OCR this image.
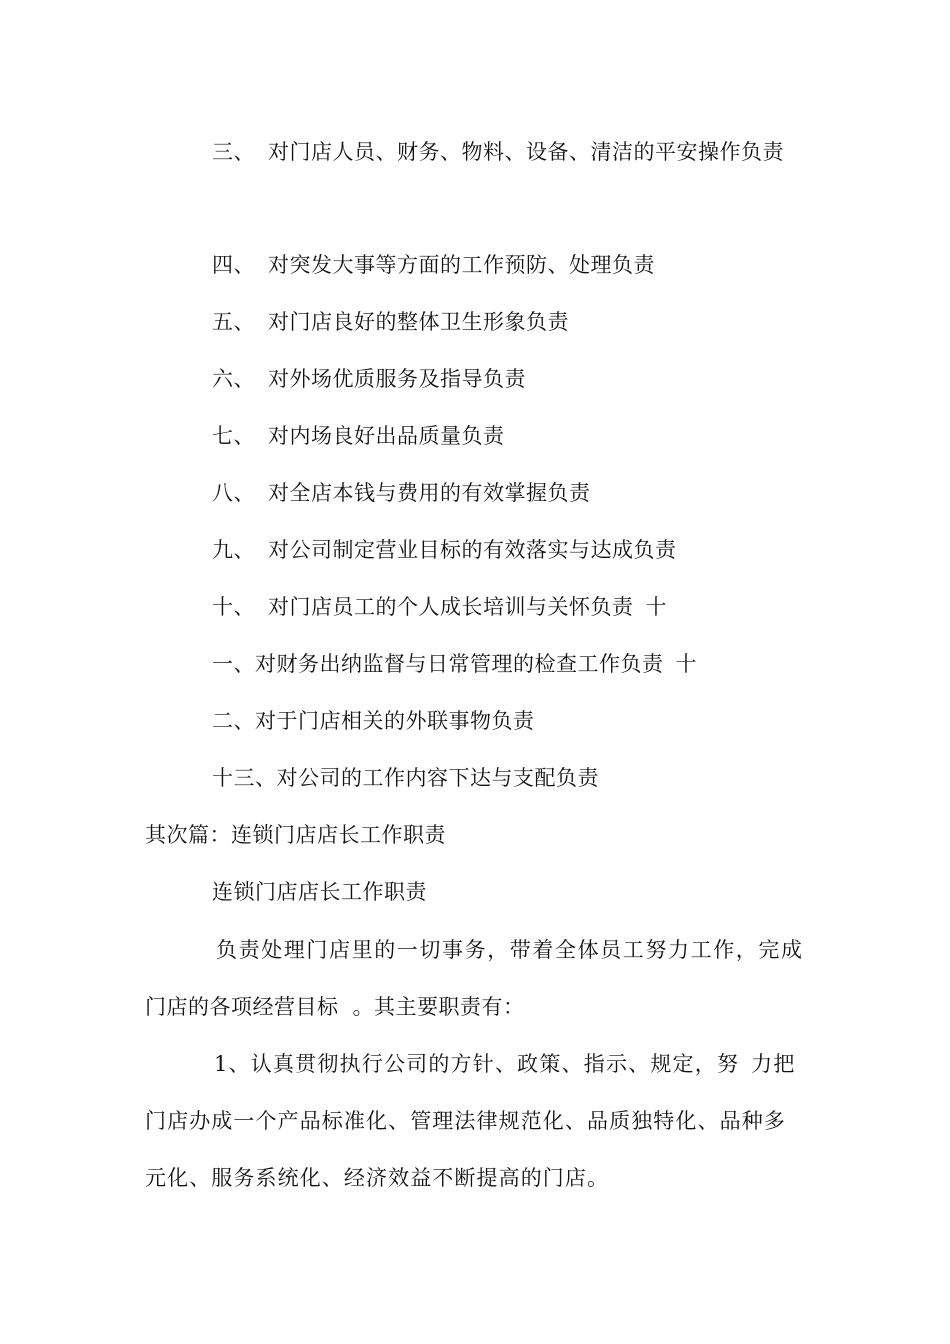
三、 对门店人员、财务、物料、设备、清洁的平安操作负责
四、 对突发大事等方面的工作预防、处理负责
五、 对门店良好的整体卫生形象负责
六、 对外场优质服务及指导负责
七、 对内场良好出品质量负责
八、 对全店本钱与费用的有效掌握负责
九、 对公司制定营业目标的有效落实与达成负责
十、 对门店员工的个人成长培训与关怀负责 十
一、对财务出纳监督与日常管理的检查工作负责 十
二、对于门店相关的外联事物负责
十三、对公司的工作内容下达与支配负责
其次篇：连锁门店店长工作职责
连锁门店店长工作职责
负责处理门店里的一切事务，带着全体员工努力工作，完成
门店的各项经营目标 。其主要职责有：
1、认真贯彻执行公司的方针、政策、指示、规定，努 力把
门店办成一个产品标准化、管理法律规范化、品质独特化、品种多
元化、服务系统化、经济效益不断提高的门店。
